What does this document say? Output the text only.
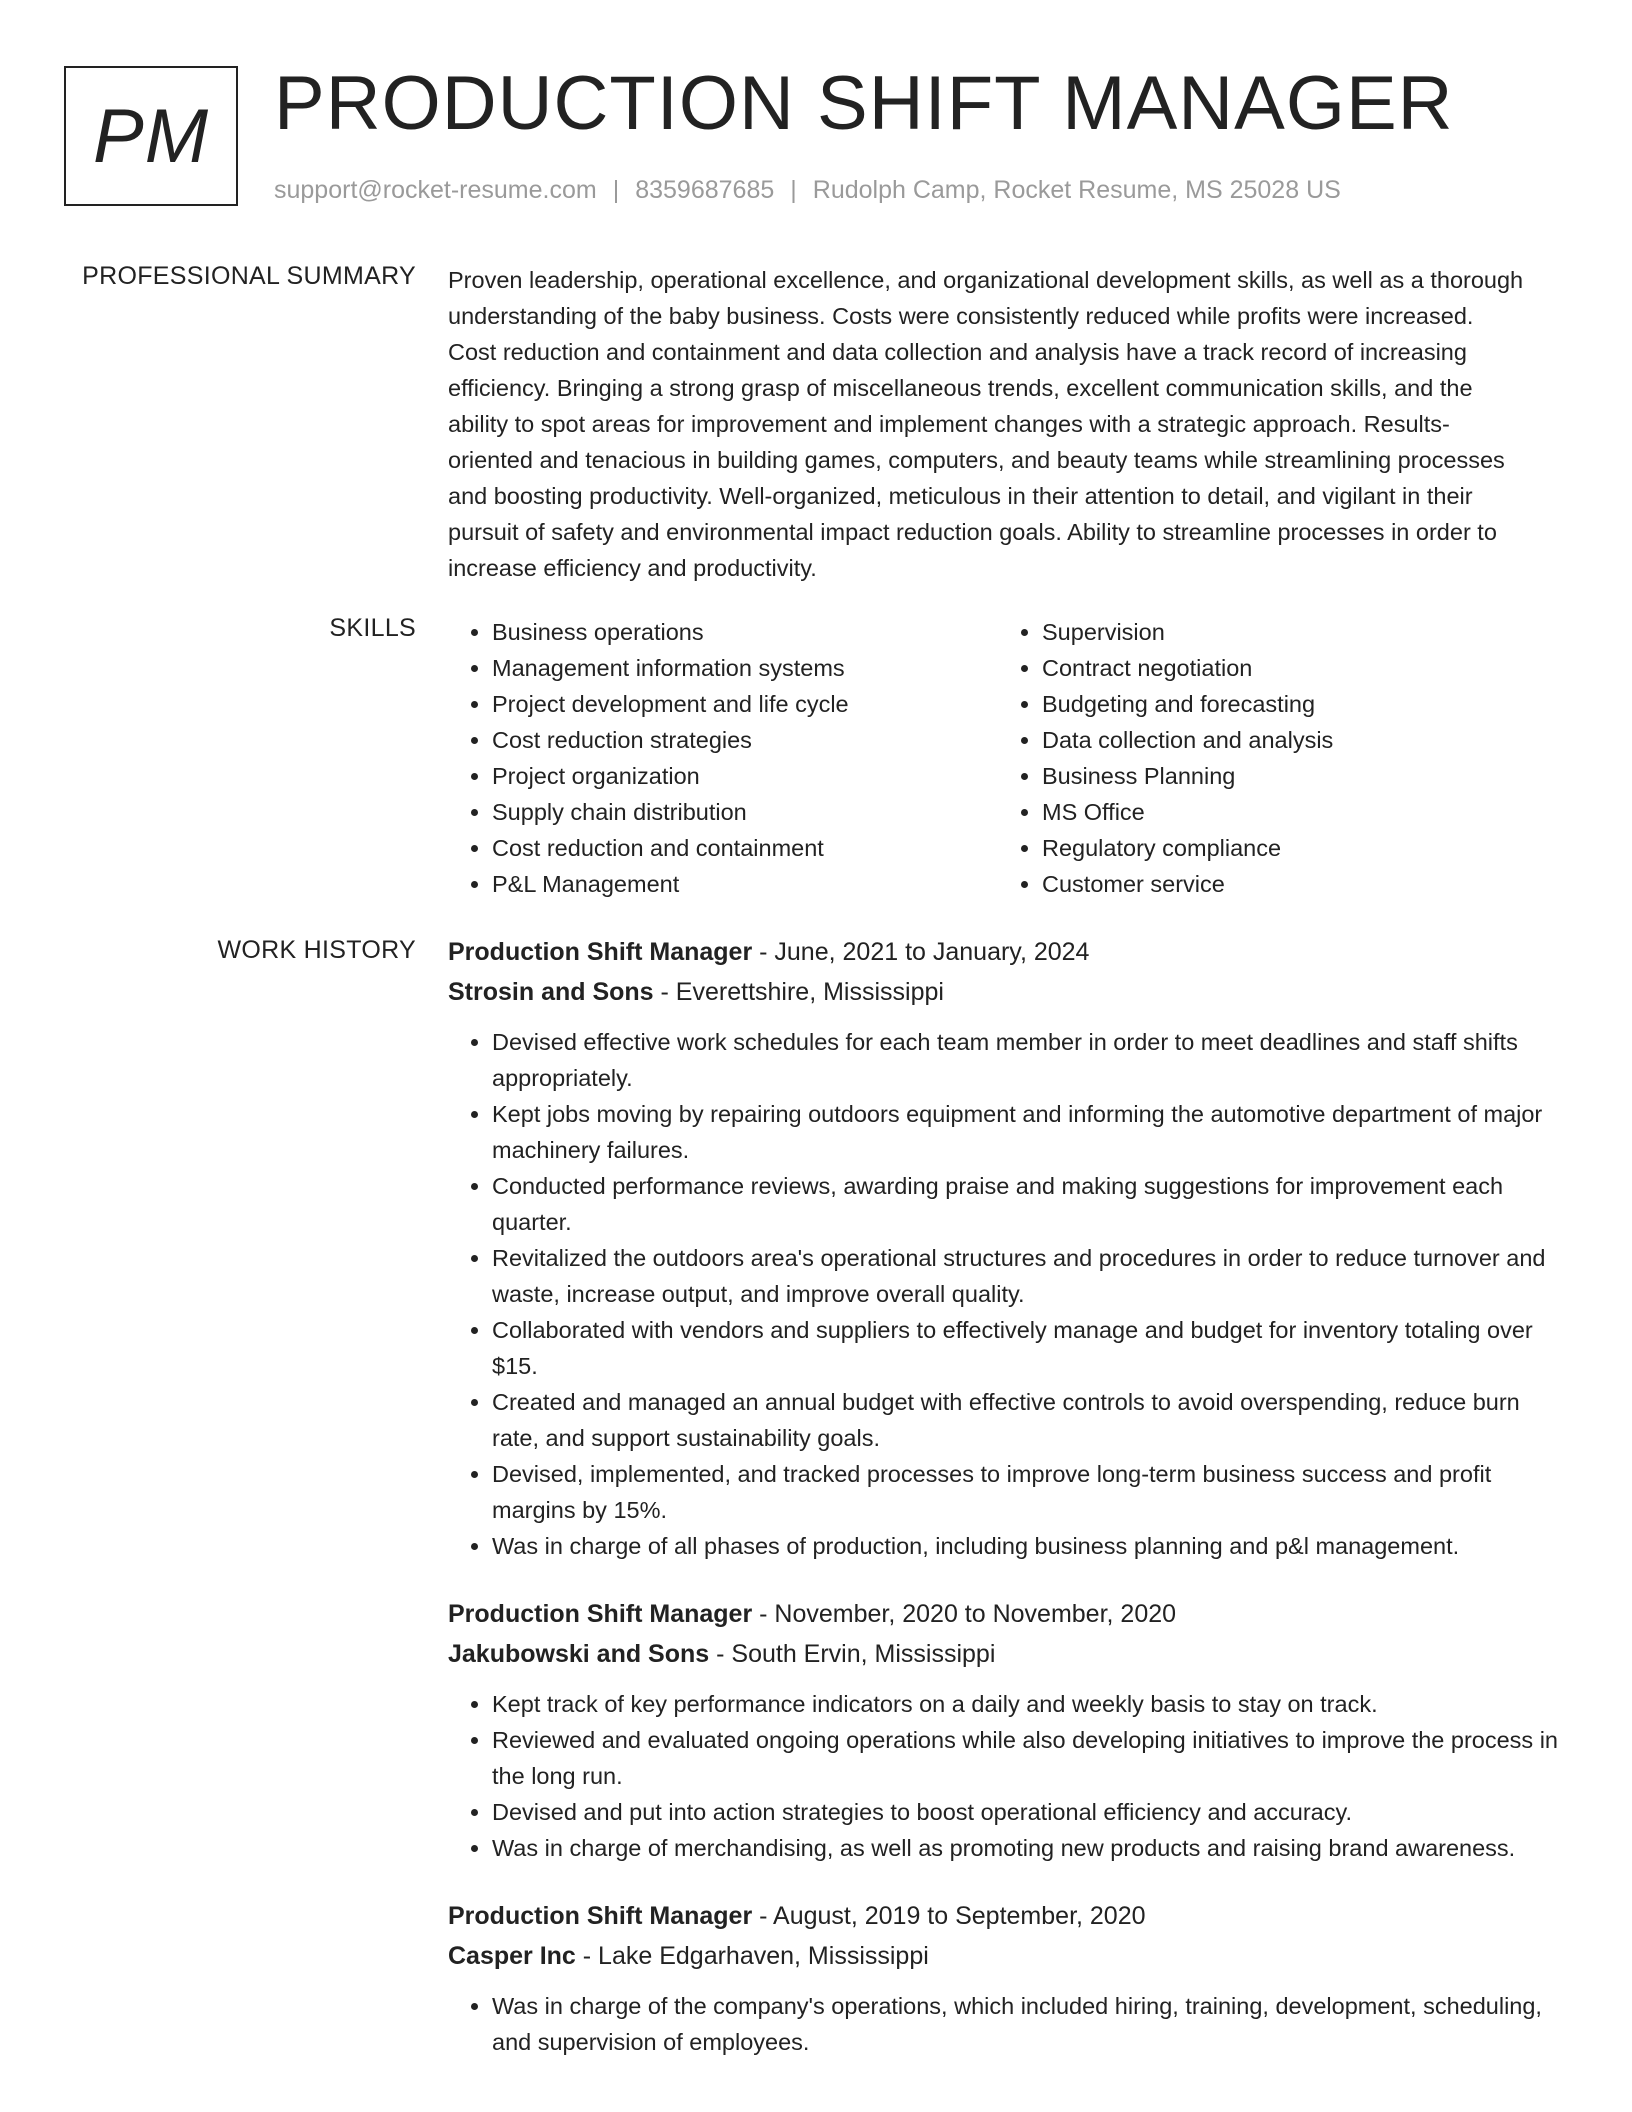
PM PRODUCTION SHIFT MANAGER
support@rocket-resume.com | 8359687685 | Rudolph Camp, Rocket Resume, MS 25028 US
PROFESSIONAL SUMMARY Proven leadership, operational excellence, and organizational development skills, as well as a thorough understanding of the baby business. Costs were consistently reduced while profits were increased. Cost reduction and containment and data collection and analysis have a track record of increasing efficiency. Bringing a strong grasp of miscellaneous trends, excellent communication skills, and the ability to spot areas for improvement and implement changes with a strategic approach. Results-oriented and tenacious in building games, computers, and beauty teams while streamlining processes and boosting productivity. Well-organized, meticulous in their attention to detail, and vigilant in their pursuit of safety and environmental impact reduction goals. Ability to streamline processes in order to increase efficiency and productivity.

SKILLS
•	Business operations
• Management information systems
• Project development and life cycle
• Cost reduction strategies
• Project organization
• Supply chain distribution
• Cost reduction and containment
• P&L Management
• Supervision
• Contract negotiation
• Budgeting and forecasting
• Data collection and analysis
• Business Planning
• MS Office
• Regulatory compliance
• Customer service
WORK HISTORY Production Shift Manager - June, 2021 to January, 2024
Strosin and Sons - Everettshire, Mississippi
• Devised effective work schedules for each team member in order to meet deadlines and staff shifts appropriately.
• Kept jobs moving by repairing outdoors equipment and informing the automotive department of major machinery failures.
• Conducted performance reviews, awarding praise and making suggestions for improvement each quarter.
• Revitalized the outdoors area's operational structures and procedures in order to reduce turnover and waste, increase output, and improve overall quality.
• Collaborated with vendors and suppliers to effectively manage and budget for inventory totaling over $15.
• Created and managed an annual budget with effective controls to avoid overspending, reduce burn rate, and support sustainability goals.
• Devised, implemented, and tracked processes to improve long-term business success and profit margins by 15%.
• Was in charge of all phases of production, including business planning and p&l management.
Production Shift Manager - November, 2020 to November, 2020
Jakubowski and Sons - South Ervin, Mississippi
• Kept track of key performance indicators on a daily and weekly basis to stay on track.
• Reviewed and evaluated ongoing operations while also developing initiatives to improve the process in the long run.
• Devised and put into action strategies to boost operational efficiency and accuracy.
• Was in charge of merchandising, as well as promoting new products and raising brand awareness.
Production Shift Manager - August, 2019 to September, 2020
Casper Inc - Lake Edgarhaven, Mississippi
• Was in charge of the company's operations, which included hiring, training, development, scheduling, and supervision of employees.
